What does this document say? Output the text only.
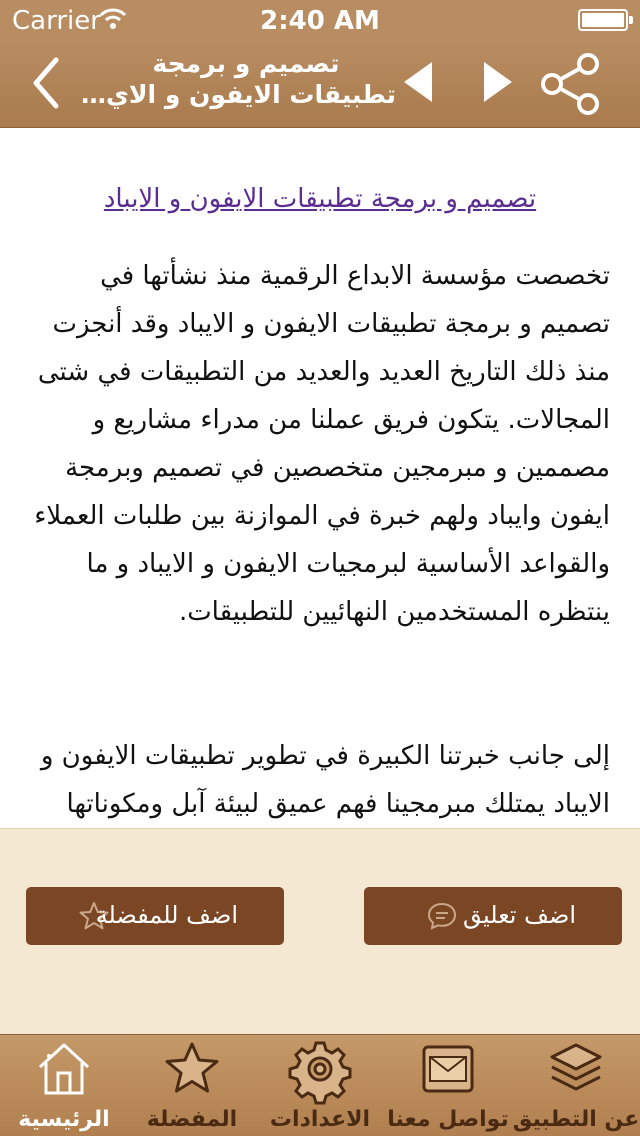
Carrier	2:40 AM
تصميم و برمجة
تطبيقات الايفون و الاي…
تصميم و برمجة تطبيقات الايفون و الايباد

تخصصت مؤسسة الابداع الرقمية منذ نشأتها في تصميم و برمجة تطبيقات الايفون و الايباد وقد أنجزت منذ ذلك التاريخ العديد والعديد من التطبيقات في شتى المجالات. يتكون فريق عملنا من مدراء مشاريع و مصممين و مبرمجين متخصصين في تصميم وبرمجة ايفون وايباد ولهم خبرة في الموازنة بين طلبات العملاء والقواعد الأساسية لبرمجيات الايفون و الايباد و ما ينتظره المستخدمين النهائيين للتطبيقات.

إلى جانب خبرتنا الكبيرة في تطوير تطبيقات الايفون و الايباد يمتلك مبرمجينا فهم عميق لبيئة آبل ومكوناتها

اضف للمفضلة	اضف تعليق
الرئيسية	المفضلة	الاعدادات تواصل معنا عن التطبيق
